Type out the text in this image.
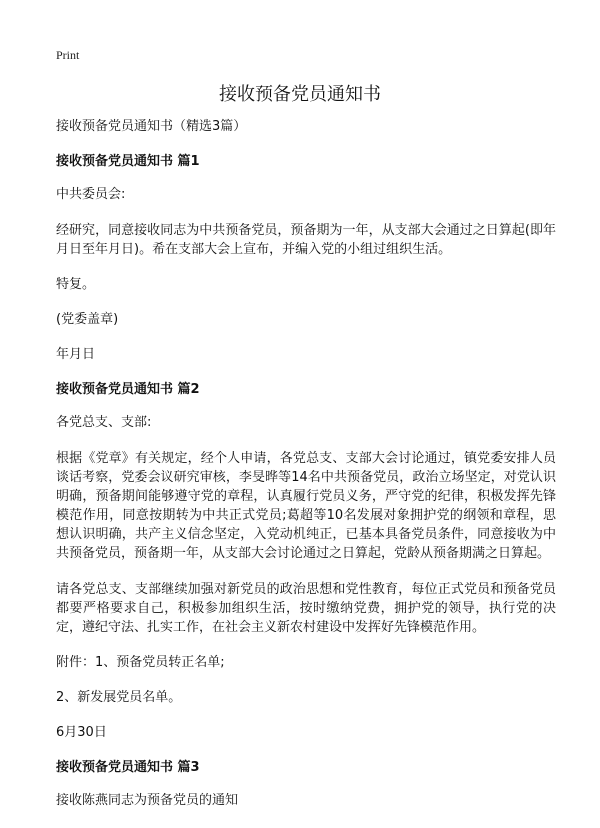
Print
接收预备党员通知书

接收预备党员通知书（精选3篇）

接收预备党员通知书 篇1

中共委员会:

经研究，同意接收同志为中共预备党员，预备期为一年，从支部大会通过之日算起(即年月日至年月日)。希在支部大会上宣布，并编入党的小组过组织生活。

特复。

(党委盖章)

年月日

接收预备党员通知书 篇2

各党总支、支部:

根据《党章》有关规定，经个人申请，各党总支、支部大会讨论通过，镇党委安排人员谈话考察，党委会议研究审核，李旻晔等14名中共预备党员，政治立场坚定，对党认识明确，预备期间能够遵守党的章程，认真履行党员义务，严守党的纪律，积极发挥先锋模范作用，同意按期转为中共正式党员;葛超等10名发展对象拥护党的纲领和章程，思想认识明确，共产主义信念坚定，入党动机纯正，已基本具备党员条件，同意接收为中共预备党员，预备期一年，从支部大会讨论通过之日算起，党龄从预备期满之日算起。

请各党总支、支部继续加强对新党员的政治思想和党性教育，每位正式党员和预备党员都要严格要求自己，积极参加组织生活，按时缴纳党费，拥护党的领导，执行党的决定，遵纪守法、扎实工作，在社会主义新农村建设中发挥好先锋模范作用。

附件：1、预备党员转正名单;

2、新发展党员名单。

6月30日

接收预备党员通知书 篇3

接收陈燕同志为预备党员的通知
